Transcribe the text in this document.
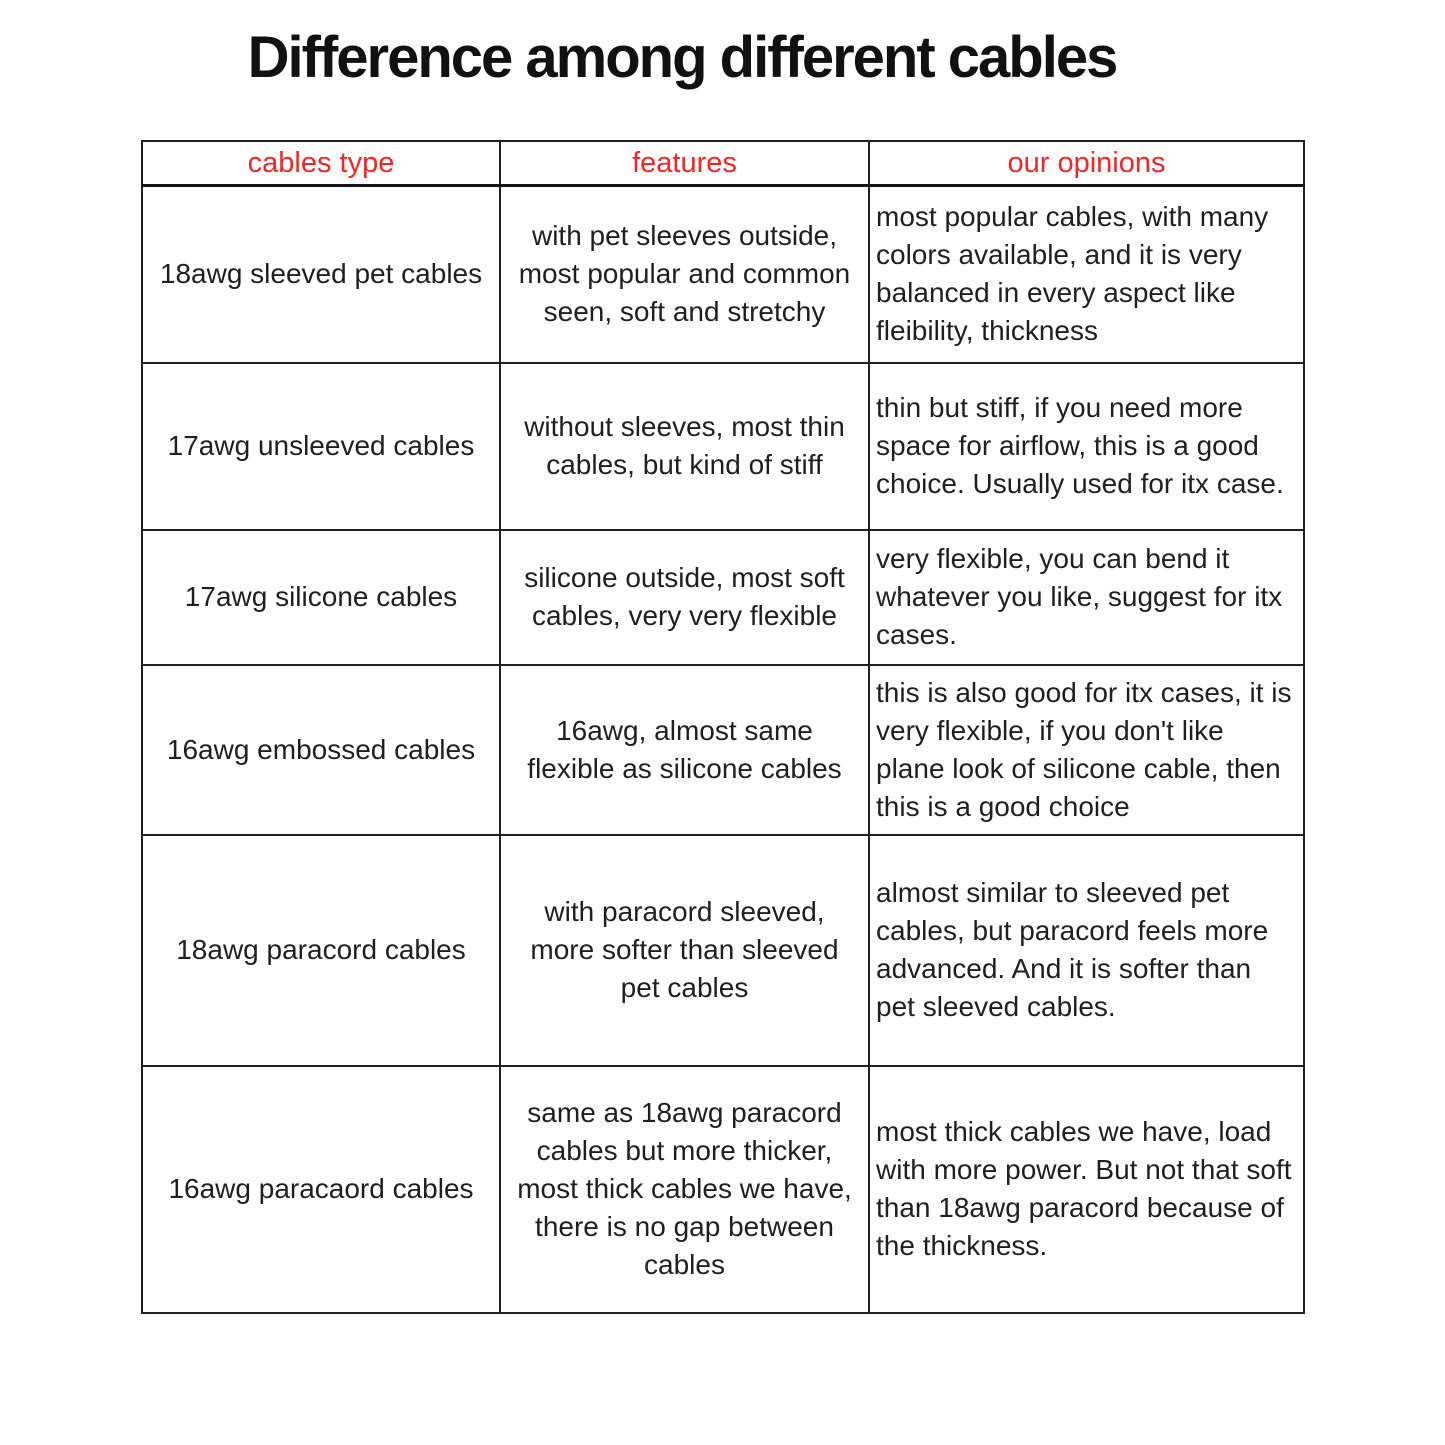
Difference among different cables
cables type	features	our opinions
18awg sleeved pet cables	with pet sleeves outside, most popular and common seen, soft and stretchy	most popular cables, with many colors available, and it is very balanced in every aspect like fleibility, thickness
17awg unsleeved cables	without sleeves, most thin cables, but kind of stiff	thin but stiff, if you need more space for airflow, this is a good choice. Usually used for itx case.
17awg silicone cables	silicone outside, most soft cables, very very flexible	very flexible, you can bend it whatever you like, suggest for itx cases.
16awg embossed cables	16awg, almost same flexible as silicone cables	this is also good for itx cases, it is very flexible, if you don't like plane look of silicone cable, then this is a good choice
18awg paracord cables	with paracord sleeved, more softer than sleeved pet cables	almost similar to sleeved pet cables, but paracord feels more advanced. And it is softer than pet sleeved cables.
16awg paracaord cables	same as 18awg paracord cables but more thicker, most thick cables we have, there is no gap between cables	most thick cables we have, load with more power. But not that soft than 18awg paracord because of the thickness.
